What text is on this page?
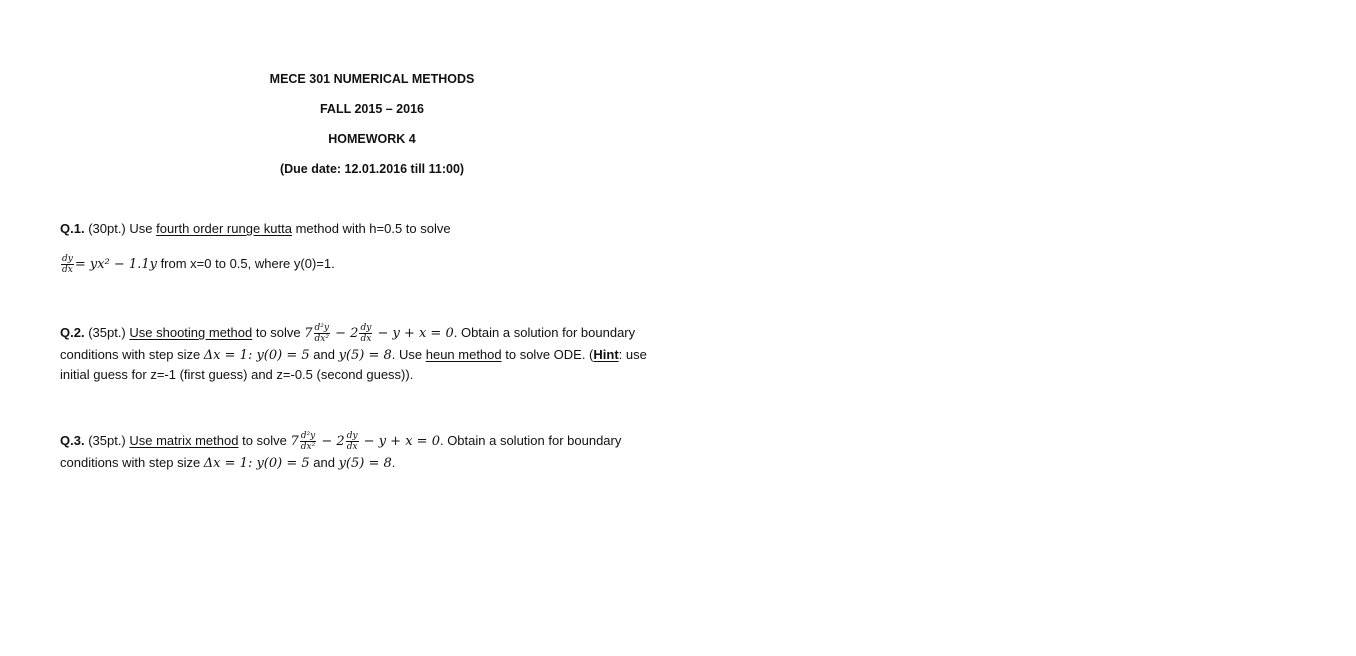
MECE 301 NUMERICAL METHODS
FALL 2015 – 2016
HOMEWORK 4
(Due date: 12.01.2016 till 11:00)
Q.1. (30pt.) Use fourth order runge kutta method with h=0.5 to solve
$\frac{dy}{dx} = yx^2 - 1.1y$ from x=0 to 0.5, where y(0)=1.
Q.2. (35pt.) Use shooting method to solve $7 \frac{\text{d²y}}{\text{dx²}} - 2 \frac{dy}{dx} - y + x = 0$. Obtain a solution for boundary
conditions with step size Δx = 1: y(0) = 5 and y(5) = 8. Use heun method to solve ODE. (Hint: use
initial guess for z=-1 (first guess) and z=-0.5 (second guess)).
Q.3. (35pt.) Use matrix method to solve $7 \frac{\text{d²y}}{\text{dx²}} - 2 \frac{dy}{dx} - y + x = 0$. Obtain a solution for boundary
conditions with step size Δx = 1: y(0) = 5 and y(5) = 8.
